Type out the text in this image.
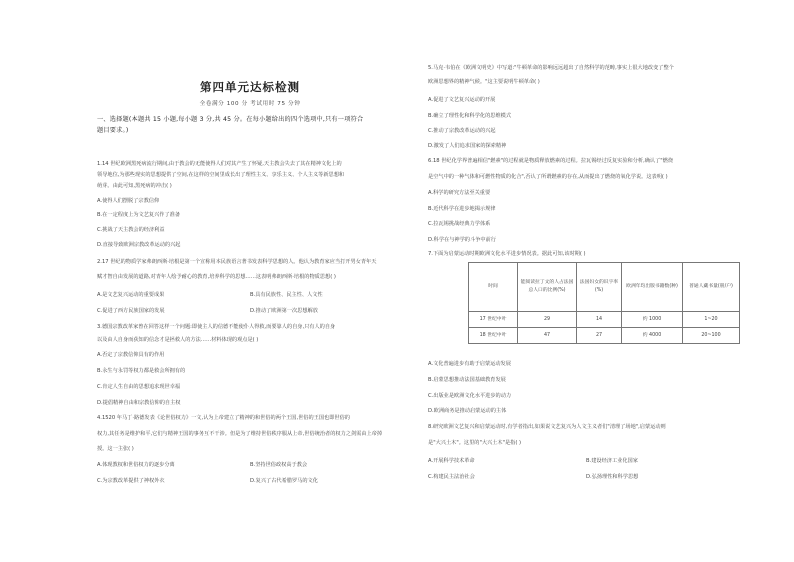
第四单元达标检测
全卷满分 100 分 考试用时 75 分钟
一、选择题(本题共 15 小题,每小题 3 分,共 45 分。在每小题给出的四个选项中,只有一项符合
题目要求。)
1.14 世纪欧洲黑死病流行期间,由于教会的无能使得人们对其产生了怀疑,天主教会失去了其在精神文化上的
领导地位,为那些现实的思想提供了空间,在这样的空间里成长出了理性主义、享乐主义、个人主义等新思想和
萌芽。由此可知,黑死病的冲击( )
A.使得人们摆脱了宗教信仰
B.在一定程度上为文艺复兴作了准备
C.挑战了天主教会的经济利益
D.直接导致欧洲宗教改革运动的兴起
2.17 世纪的物质学家弗朗西斯·培根是第一个宣称用本民族语言著书发表科学思想的人。他认为教育家应当打开男女青年天
赋才智自由发展的道路,对青年人绘予耐心的教育,培养科学的思想……这表明弗朗西斯·培根的物质思想( )
A.是文艺复兴运动的重要成果	B.具有民族性、民主性、人文性
C.促进了西方民族国家的发展	D.推动了欧洲第一次思想解放
3.德国宗教改革家曾在回答这样一个问题:即使主人的信德不能使仆人得救,而要靠人的自身,只有人的自身
以及由人自身而获知的信念才是拯救人的方法……材料体现的观点是( )
A.否定了宗教信仰具有的作用
B.永生与永罚等权力都是救会所拥有的
C.肯定人生自由的思想追求现世幸福
D.提倡精神自由和宗教信仰的自主权
4.1520 年马丁·路德发表《论世俗权力》一文,认为上帝建立了精神的和世俗的两个王国,世俗的王国也即世俗的
权力,其任务是维护和平,它们与精神王国的事务互不干涉。但是为了维持世俗秩序服从上帝,世俗统治者的权力之剑需由上帝掉
授。这一主张( )
A.体现教权和世俗权力的逐步分离	B.坚持世俗政权高于教会
C.为宗教改革提供了神权外衣	D.复兴了古代希腊罗马的文化
5.马克·韦伯在《欧洲文明史》中写道:"牛顿革命的影响远远超出了自然科学的范畴,事实上很大地改变了整个
欧洲思想界的精神气候。"这主要说明牛顿革命( )
A.促进了文艺复兴运动的开展
B.确立了理性化和科学化的思维模式
C.推动了宗教改革运动的兴起
D.激发了人们追求国家的探索精神
6.18 世纪化学界普遍相信"燃素"的过程就是物质释放燃素的过程。拉瓦锡经过反复实验和分析,确认了"燃烧
是空气中的一种气体和可燃性物质的化合",否认了所谓燃素的存在,从而提出了燃烧的氧化学说。这表明( )
A.科学的研究方法至关重要
B.近代科学在进步地揭示规律
C.拉瓦锡挑战经典力学体系
D.科学在与神学的斗争中前行
7.下面为启蒙运动时期欧洲文化水平进步情况表。据此可知,该时期( )
时间	能阅读拉丁文的人占法国总人口的比例(%)	法国妇女的识字率(%)	欧洲年均出版书籍数(种)	普通人藏书量(册/户)
17 世纪中叶	29	14	约 1000	1~20
18 世纪中叶	47	27	约 4000	20~100
A.文化普遍进步有助于启蒙运动发展
B.启蒙思想推动法国基础教育发展
C.出版业是欧洲文化水平进步的动力
D.欧洲商务是推动启蒙运动的主体
8.研究欧洲文艺复兴和启蒙运动时,有学者指出,如果说文艺复兴为人文主义者们"清理了场地",启蒙运动则
是"大兴土木"。这里的"大兴土木"是指( )
A.开展科学技术革命	B.建设经济工业化国家
C.构建民主法治社会	D.弘扬理性和科学思想
